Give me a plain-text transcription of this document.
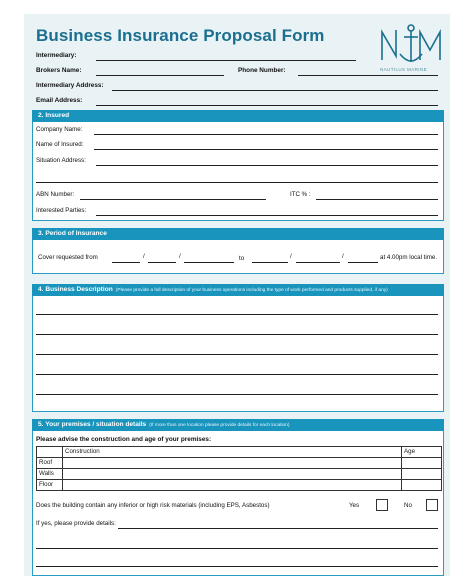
Business Insurance Proposal Form
NAUTILUS MARINE
Intermediary:
Brokers Name:	Phone Number:
Intermediary Address:
Email Address:
2. Insured
Company Name:
Name of Insured:
Situation Address:
ABN Number:	ITC % :
Interested Parties:
3. Period of Insurance
Cover requested from	/	/	to	/	/	at 4.00pm local time.
4. Business Description (Please provide a full description of your business operations including the type of work performed and products supplied, if any)
5. Your premises / situation details (If more than one location please provide details for each location)
Please advise the construction and age of your premises:
	Construction	Age
Roof		
Walls		
Floor		
Does the building contain any inferior or high risk materials (including EPS, Asbestos)	Yes	No
If yes, please provide details:
